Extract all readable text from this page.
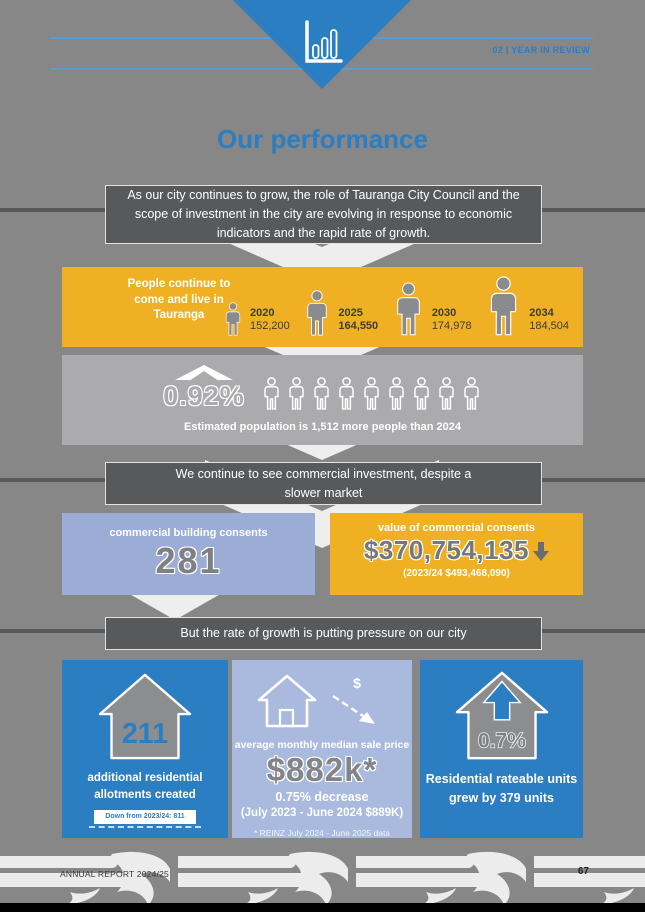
02 | YEAR IN REVIEW
Our performance
As our city continues to grow, the role of Tauranga City Council and the scope of investment in the city are evolving in response to economic indicators and the rapid rate of growth.
People continue to come and live in Tauranga	2020
152,200
2025
164,550
2030
174,978
2034
184,504
0.92%
Estimated population is 1,512 more people than 2024
We continue to see commercial investment, despite a slower market
commercial building consents
281
value of commercial consents
$370,754,135
(2023/24 $493,468,090)
But the rate of growth is putting pressure on our city
211
additional residential allotments created
Down from 2023/24: 811
$
average monthly median sale price
$882k*
0.75% decrease
(July 2023 - June 2024 $889K)
* REINZ July 2024 - June 2025 data
0.7%
Residential rateable units grew by 379 units
ANNUAL REPORT 2024/25	67
